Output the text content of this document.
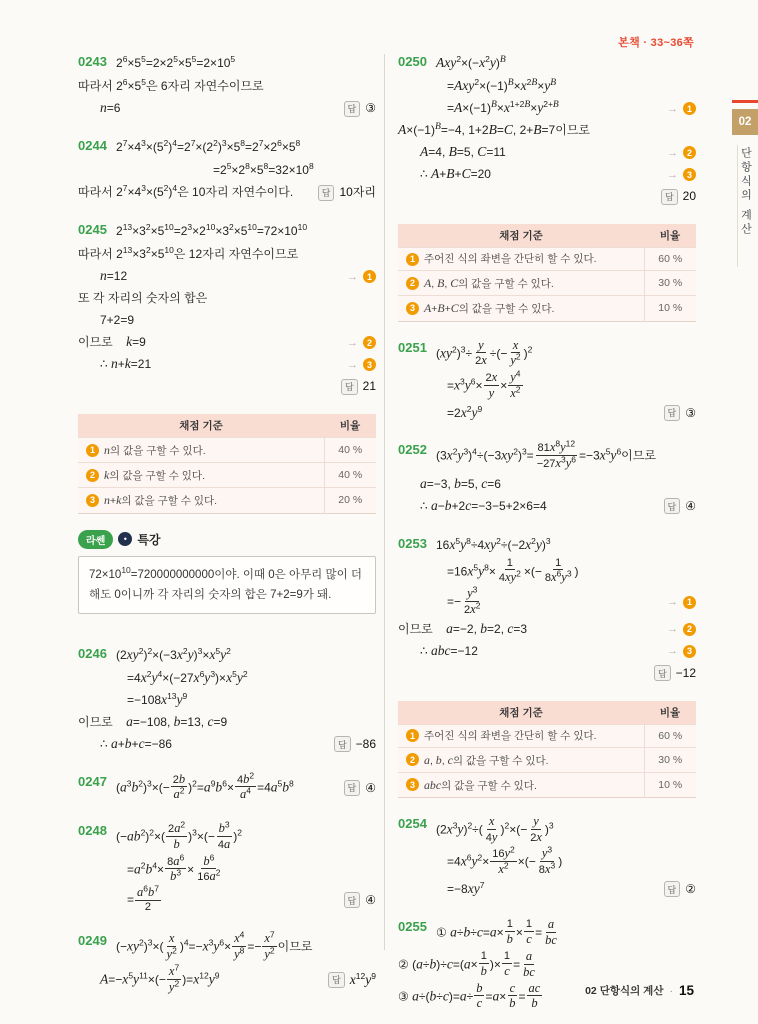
본책 · 33~36쪽
02
단항식의 계산
0243 $2^6\times 5^5=2\times 2^5\times 5^5=2\times 10^5$
따라서 $2^6\times 5^5$은 6자리 자연수이므로
n=6	답 ③
0244 $2^7\times 4^3\times(5^2)^4=2^7\times(2^2)^3\times 5^8=2^7\times 2^6\times 5^8$
$=2^5\times 2^8\times 5^8=32\times 10^8$
따라서 $2^7\times 4^3\times(5^2)^4$은 10자리 자연수이다.	답 10자리
0245 $2^{13}\times 3^2\times 5^{10}=2^3\times 2^{10}\times 3^2\times 5^{10}=72\times 10^{10}$
따라서 $2^{13}\times 3^2\times 5^{10}$은 12자리 자연수이므로
n=12	→ 1
또 각 자리의 숫자의 합은
7+2=9
이므로    k=9	→ 2
∴ n+k=21	→ 3
답 21
채점 기준	비율

1 n의 값을 구할 수 있다.	40 %

2 k의 값을 구할 수 있다.	40 %

3 n+k의 값을 구할 수 있다.	20 %
라쎈	• 특강
$72\times 10^{10}=720000000000$이야. 이때 0은 아무리 많이 더해도 0이니까 각 자리의 숫자의 합은 7+2=9가 돼.
0246 $(2xy^2)^2\times(-3x^2y)^3\times x^5y^2$
$=4x^2y^4\times(-27x^6y^3)\times x^5y^2$
$=-108x^{13}y^9$
이므로    a=−108, b=13, c=9
∴ a+b+c=−86	답 −86
0247 $(a^3b^2)^3\times(- \frac{2b}{a^2} )^2=a^9b^6\times \frac{4b^2}{a^4} =4a^5b^8$
답 ④
0248 $(-ab^2)^2\times( \frac{2a^2}{b} )^3\times(- \frac{b^3}{4a} )^2$
$=a^2b^4\times \frac{8a^6}{b^3} \times \frac{b^6}{16a^2}$
= $\frac{a^6b^7}{2}$	답 ④
0249 $(-xy^2)^3\times( \frac{x}{y^2} )^4=-x^3y^6\times \frac{x^4}{y^8} =- \frac{x^7}{y^2}$ 이므로
$A=-x^5y^{11}\times(- \frac{x^7}{y^2} )=x^{12}y^9$
답 $x^{12}y^9$
0250 $Axy^2\times(-x^2y)^B$
$=Axy^2\times(-1)^B\times x^{2B}\times y^B$
$=A\times(-1)^B\times x^{1+2B}\times y^{2+B}$	→ 1
$A\times(-1)^B=-4$, 1+2B=C, 2+B=7이므로
A=4, B=5, C=11	→ 2
∴ A+B+C=20	→ 3
답 20
채점 기준	비율

1 주어진 식의 좌변을 간단히 할 수 있다.	60 %

2 A, B, C의 값을 구할 수 있다.	30 %

3 A+B+C의 값을 구할 수 있다.	10 %
0251 $(xy^2)^3\div \frac{y}{2x}$ ÷(− $\frac{x}{y^2} )^2$
$=x^3y^6\times \frac{2x}{y} \times \frac{y^4}{x^2}$
$=2x^2y^9$	답 ③
0252 $(3x^2y^3)^4\div(-3xy^2)^3= \frac{81x^8y^{12}}{-27x^3y^6} =-3x^5y^6$이므로
a=−3, b=5, c=6
∴ a−b+2c=−3−5+2×6=4	답 ④
0253 $16x^5y^8\div 4xy^2\div(-2x^2y)^3$
$=16x^5y^8\times \frac{1}{4xy^2}$ ×(− $\frac{1}{8x^6y^3}$ )
=− $\frac{y^3}{2x^2}$	→ 1
이므로    a=−2, b=2, c=3	→ 2
∴ abc=−12	→ 3
답 −12
채점 기준	비율

1 주어진 식의 좌변을 간단히 할 수 있다.	60 %

2 a, b, c의 값을 구할 수 있다.	30 %

3 abc의 값을 구할 수 있다.	10 %
0254 $(2x^3y)^2\div( \frac{x}{4y} )^2\times(- \frac{y}{2x} )^3$
$=4x^6y^2\times \frac{16y^2}{x^2}$ ×(− $\frac{y^3}{8x^3}$ )
$=-8xy^7$	답 ②
0255 ① $a\div b\div c=a\times \frac{1}{b} \times \frac{1}{c} = \frac{a}{bc}$
② $(a\div b)\div c=(a\times \frac{1}{b}$ )× $\frac{1}{c} = \frac{a}{bc}$
③ $a\div(b\div c)=a\div \frac{b}{c} =a\times \frac{c}{b} = \frac{ac}{b}$	02 단항식의 계산 · 15
